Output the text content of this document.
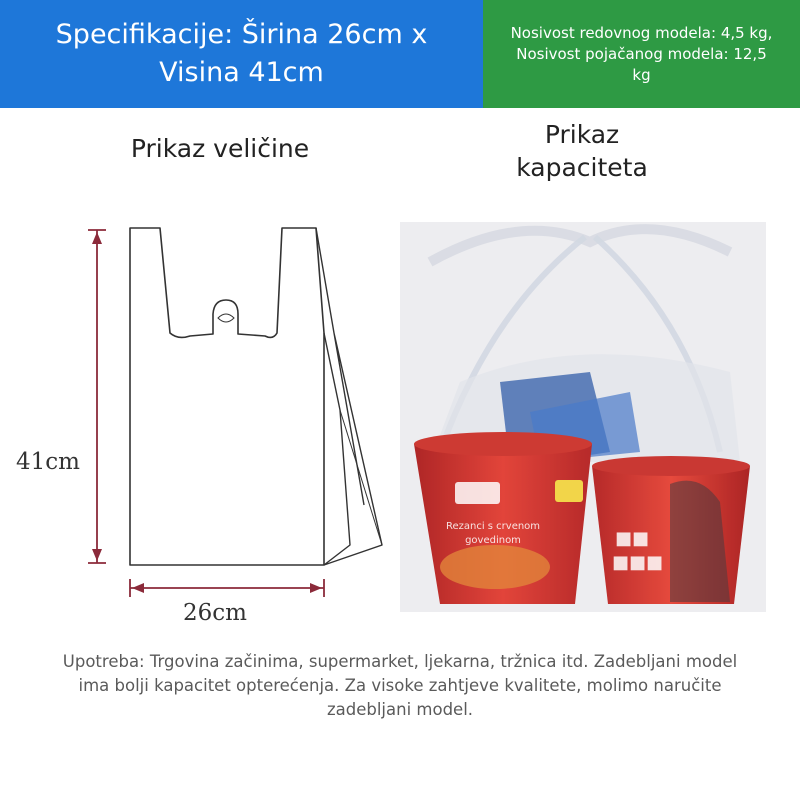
Specifikacije: Širina 26cm x Visina 41cm
Nosivost redovnog modela: 4,5 kg, Nosivost pojačanog modela: 12,5 kg
Prikaz veličine	Prikaz kapaciteta
41cm
26cm
■■
■■■
Rezanci s crvenom govedinom
Upotreba: Trgovina začinima, supermarket, ljekarna, tržnica itd. Zadebljani model ima bolji kapacitet opterećenja. Za visoke zahtjeve kvalitete, molimo naručite zadebljani model.
